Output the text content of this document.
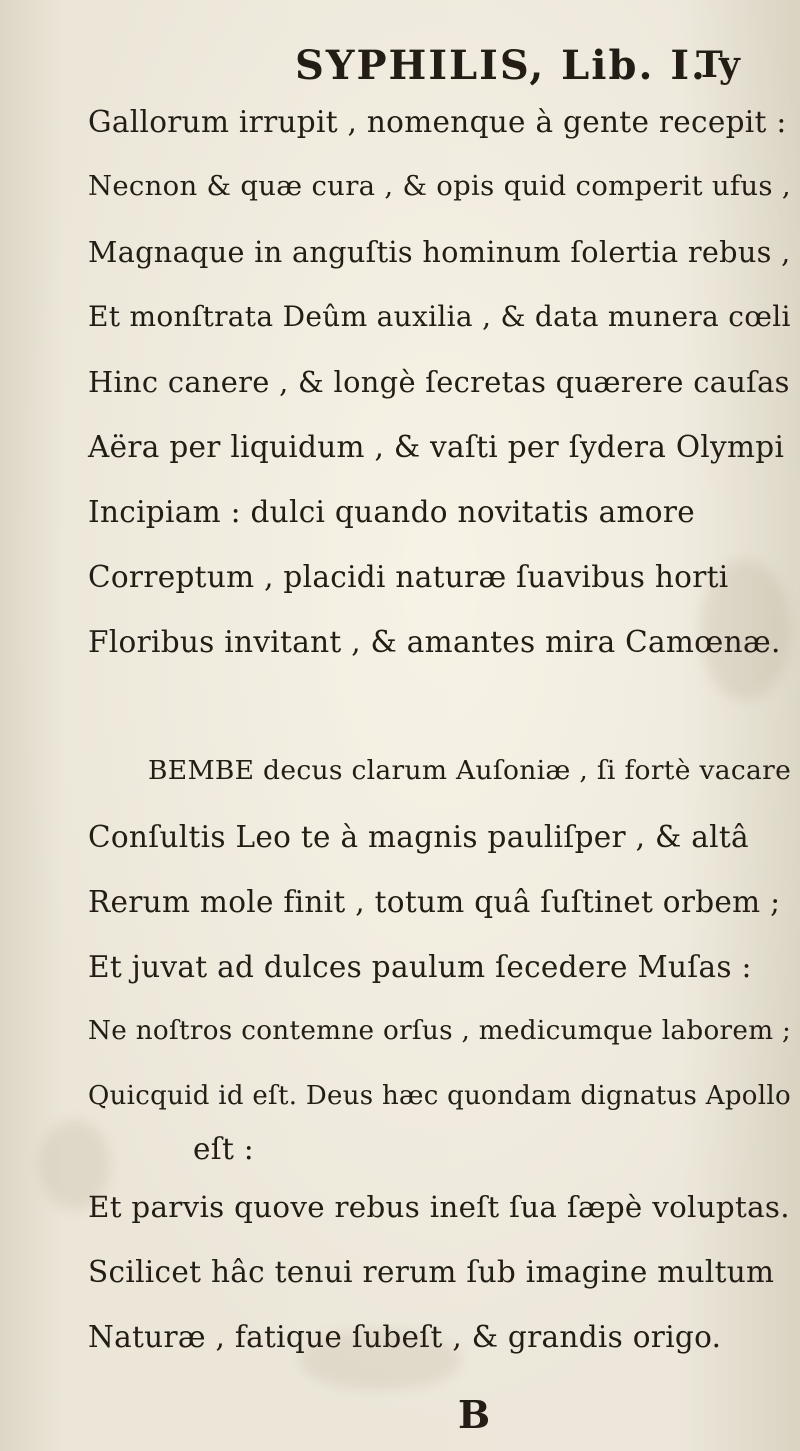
SYPHILIS, Lib. I.
Ty
Gallorum irrupit , nomenque à gente recepit :
Necnon & quæ cura , & opis quid comperit ufus ,
Magnaque in anguſtis hominum ſolertia rebus ,
Et monſtrata Deûm auxilia , & data munera cœli
Hinc canere , & longè ſecretas quærere cauſas
Aëra per liquidum , & vaſti per ſydera Olympi
Incipiam : dulci quando novitatis amore
Correptum , placidi naturæ ſuavibus horti
Floribus invitant , & amantes mira Camœnæ.
BEMBE decus clarum Auſoniæ , ſi fortè vacare
Conſultis Leo te à magnis pauliſper , & altâ
Rerum mole finit , totum quâ ſuſtinet orbem ;
Et juvat ad dulces paulum ſecedere Muſas :
Ne noſtros contemne orſus , medicumque laborem ;
Quicquid id eſt. Deus hæc quondam dignatus Apollo
eſt :
Et parvis quove rebus ineſt ſua ſæpè voluptas.
Scilicet hâc tenui rerum ſub imagine multum
Naturæ , fatique ſubeſt , & grandis origo.
B
